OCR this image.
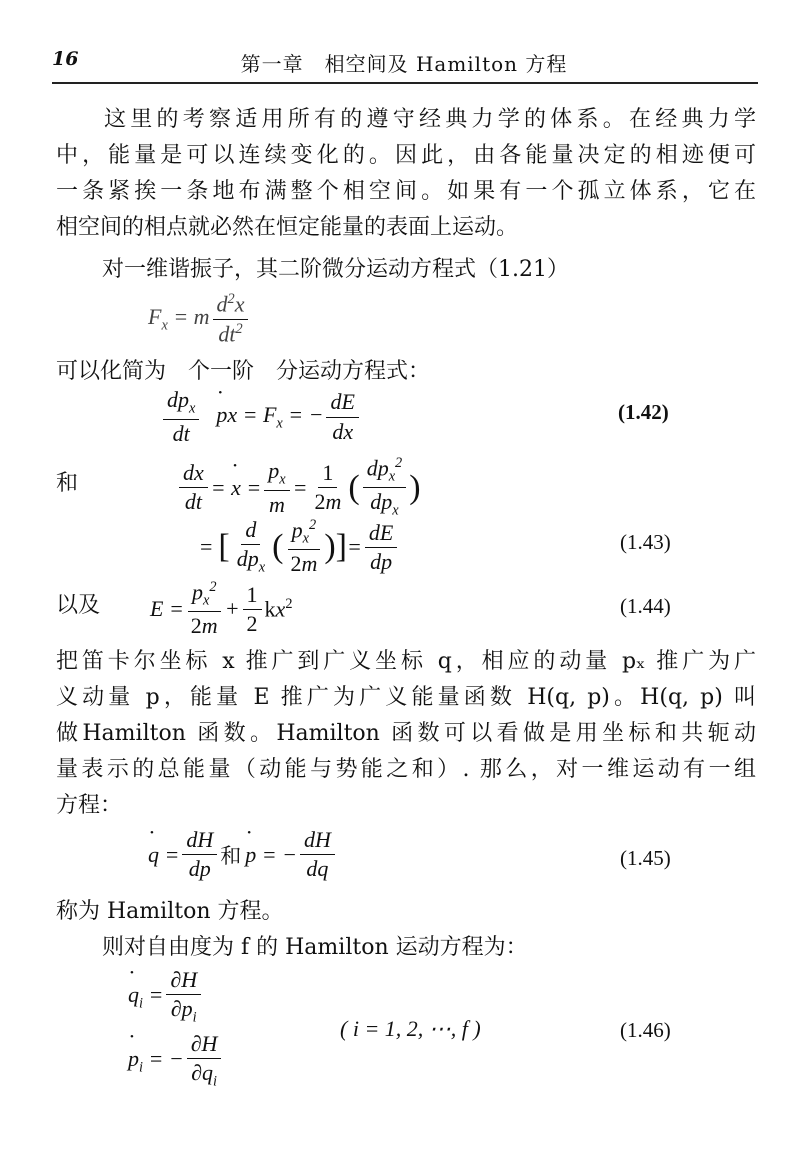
16	第一章　相空间及 Hamilton 方程
这里的考察适用所有的遵守经典力学的体系。在经典力学
中，能量是可以连续变化的。因此，由各能量决定的相迹便可
一条紧挨一条地布满整个相空间。如果有一个孤立体系，它在
相空间的相点就必然在恒定能量的表面上运动。
对一维谐振子，其二阶微分运动方程式（1.21）
$F_x = m \frac{d^2x}{dt^2}$
可以化简为　个一阶　分运动方程式：
$\frac{dp_x}{dt}$ • px = $F_x$ = − $\frac{dE}{dx}$	(1.42)
和	$\frac{dx}{dt}$ = • $x = \frac{p_x}{m} = \frac{1}{2m}$ ( $\frac{dp_x^2}{dp_x}$ )
= [ $\frac{d}{dp_x}$ ( $\frac{p_x^2}{2m}$ ) ] = $\frac{dE}{dp}$	(1.43)
以及 $E = \frac{p_x^2}{2m} + \frac{1}{2} kx^2$	(1.44)
把笛卡尔坐标 x 推广到广义坐标 q，相应的动量 pₓ 推广为广
义动量 p，能量 E 推广为广义能量函数 H(q, p)。H(q, p) 叫
做Hamilton 函数。Hamilton 函数可以看做是用坐标和共轭动
量表示的总能量（动能与势能之和）. 那么，对一维运动有一组
方程：
• $q = \frac{dH}{dp}$ 和 • p = − $\frac{dH}{dq}$	(1.45)
称为 Hamilton 方程。
则对自由度为 f 的 Hamilton 运动方程为：
• $q_i = \frac{\partial H}{\partial p_i}$
• $p_i$ = − $\frac{\partial H}{\partial q_i}$
( i = 1, 2, ⋯, f )	(1.46)
